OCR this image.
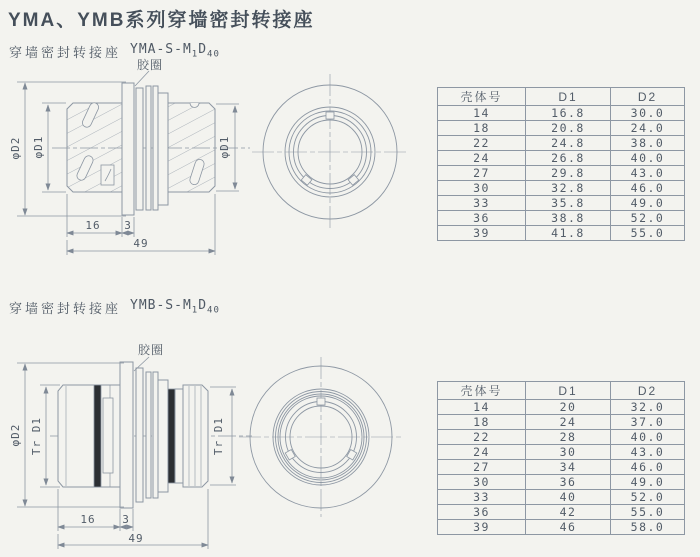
YMA、YMB系列穿墙密封转接座
穿墙密封转接座 YMA-$S-M_1D_{40}$
胶圈
φD2 φD1	φD1
16 3
49
壳体号	D1	D2
14	16.8	30.0
18	20.8	24.0
22	24.8	38.0
24	26.8	40.0
27	29.8	43.0
30	32.8	46.0
33	35.8	49.0
36	38.8	52.0
39	41.8	55.0
穿墙密封转接座 YMB-$S-M_1D_{40}$
胶圈
φD2 Tr D1	Tr D1
16 3
49
壳体号	D1	D2
14	20	32.0
18	24	37.0
22	28	40.0
24	30	43.0
27	34	46.0
30	36	49.0
33	40	52.0
36	42	55.0
39	46	58.0
